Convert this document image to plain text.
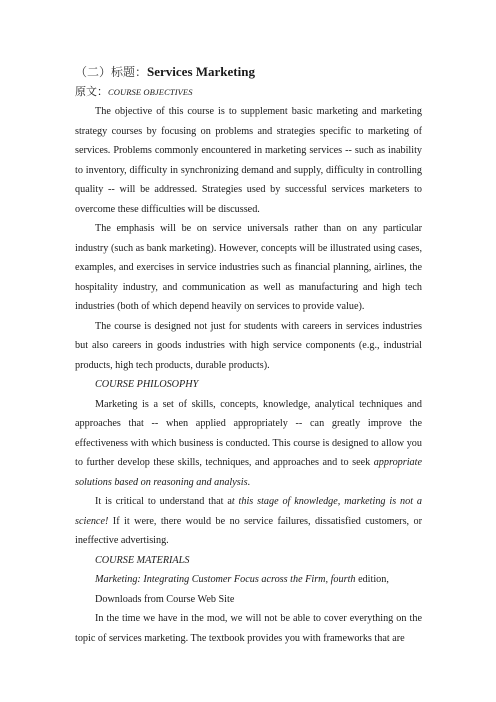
（二）标题：Services Marketing
原文：COURSE OBJECTIVES

The objective of this course is to supplement basic marketing and marketing strategy courses by focusing on problems and strategies specific to marketing of services. Problems commonly encountered in marketing services -- such as inability to inventory, difficulty in synchronizing demand and supply, difficulty in controlling quality -- will be addressed. Strategies used by successful services marketers to overcome these difficulties will be discussed.

The emphasis will be on service universals rather than on any particular industry (such as bank marketing). However, concepts will be illustrated using cases, examples, and exercises in service industries such as financial planning, airlines, the hospitality industry, and communication as well as manufacturing and high tech industries (both of which depend heavily on services to provide value).

The course is designed not just for students with careers in services industries but also careers in goods industries with high service components (e.g., industrial products, high tech products, durable products).

COURSE PHILOSOPHY

Marketing is a set of skills, concepts, knowledge, analytical techniques and approaches that -- when applied appropriately -- can greatly improve the effectiveness with which business is conducted. This course is designed to allow you to further develop these skills, techniques, and approaches and to seek appropriate solutions based on reasoning and analysis.

It is critical to understand that at this stage of knowledge, marketing is not a science! If it were, there would be no service failures, dissatisfied customers, or ineffective advertising.

COURSE MATERIALS

Marketing: Integrating Customer Focus across the Firm, fourth edition,

Downloads from Course Web Site

In the time we have in the mod, we will not be able to cover everything on the topic of services marketing. The textbook provides you with frameworks that are
